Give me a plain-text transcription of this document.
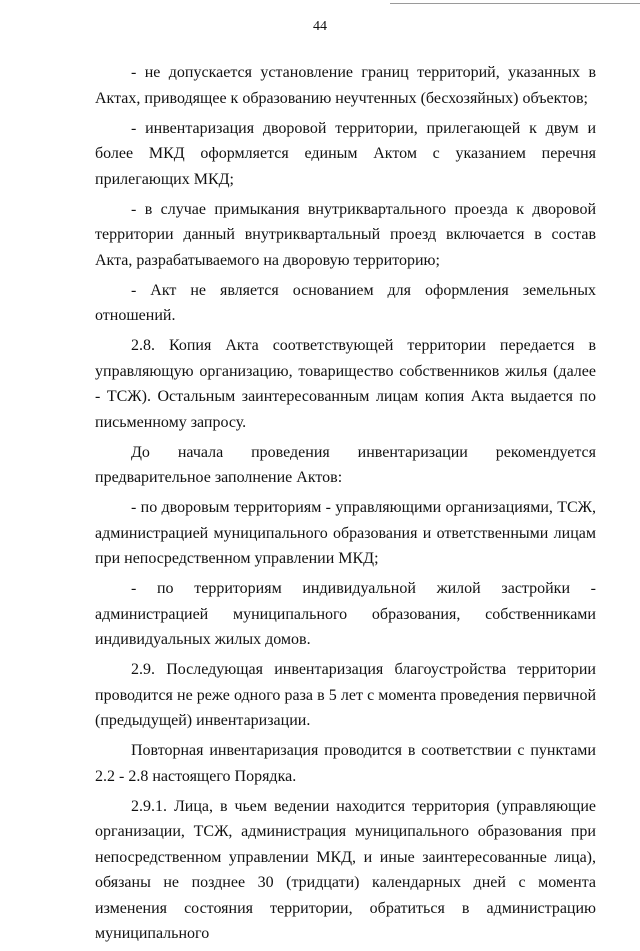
44

- не допускается установление границ территорий, указанных в Актах, приводящее к образованию неучтенных (бесхозяйных) объектов;

- инвентаризация дворовой территории, прилегающей к двум и более МКД оформляется единым Актом с указанием перечня прилегающих МКД;

- в случае примыкания внутриквартального проезда к дворовой территории данный внутриквартальный проезд включается в состав Акта, разрабатываемого на дворовую территорию;

- Акт не является основанием для оформления земельных отношений.

2.8. Копия Акта соответствующей территории передается в управляющую организацию, товарищество собственников жилья (далее - ТСЖ). Остальным заинтересованным лицам копия Акта выдается по письменному запросу.

До начала проведения инвентаризации рекомендуется предварительное заполнение Актов:

- по дворовым территориям - управляющими организациями, ТСЖ, администрацией муниципального образования и ответственными лицам при непосредственном управлении МКД;

- по территориям индивидуальной жилой застройки - администрацией муниципального образования, собственниками индивидуальных жилых домов.

2.9. Последующая инвентаризация благоустройства территории проводится не реже одного раза в 5 лет с момента проведения первичной (предыдущей) инвентаризации.

Повторная инвентаризация проводится в соответствии с пунктами 2.2 - 2.8 настоящего Порядка.

2.9.1. Лица, в чьем ведении находится территория (управляющие организации, ТСЖ, администрация муниципального образования при непосредственном управлении МКД, и иные заинтересованные лица), обязаны не позднее 30 (тридцати) календарных дней с момента изменения состояния территории, обратиться в администрацию муниципального
